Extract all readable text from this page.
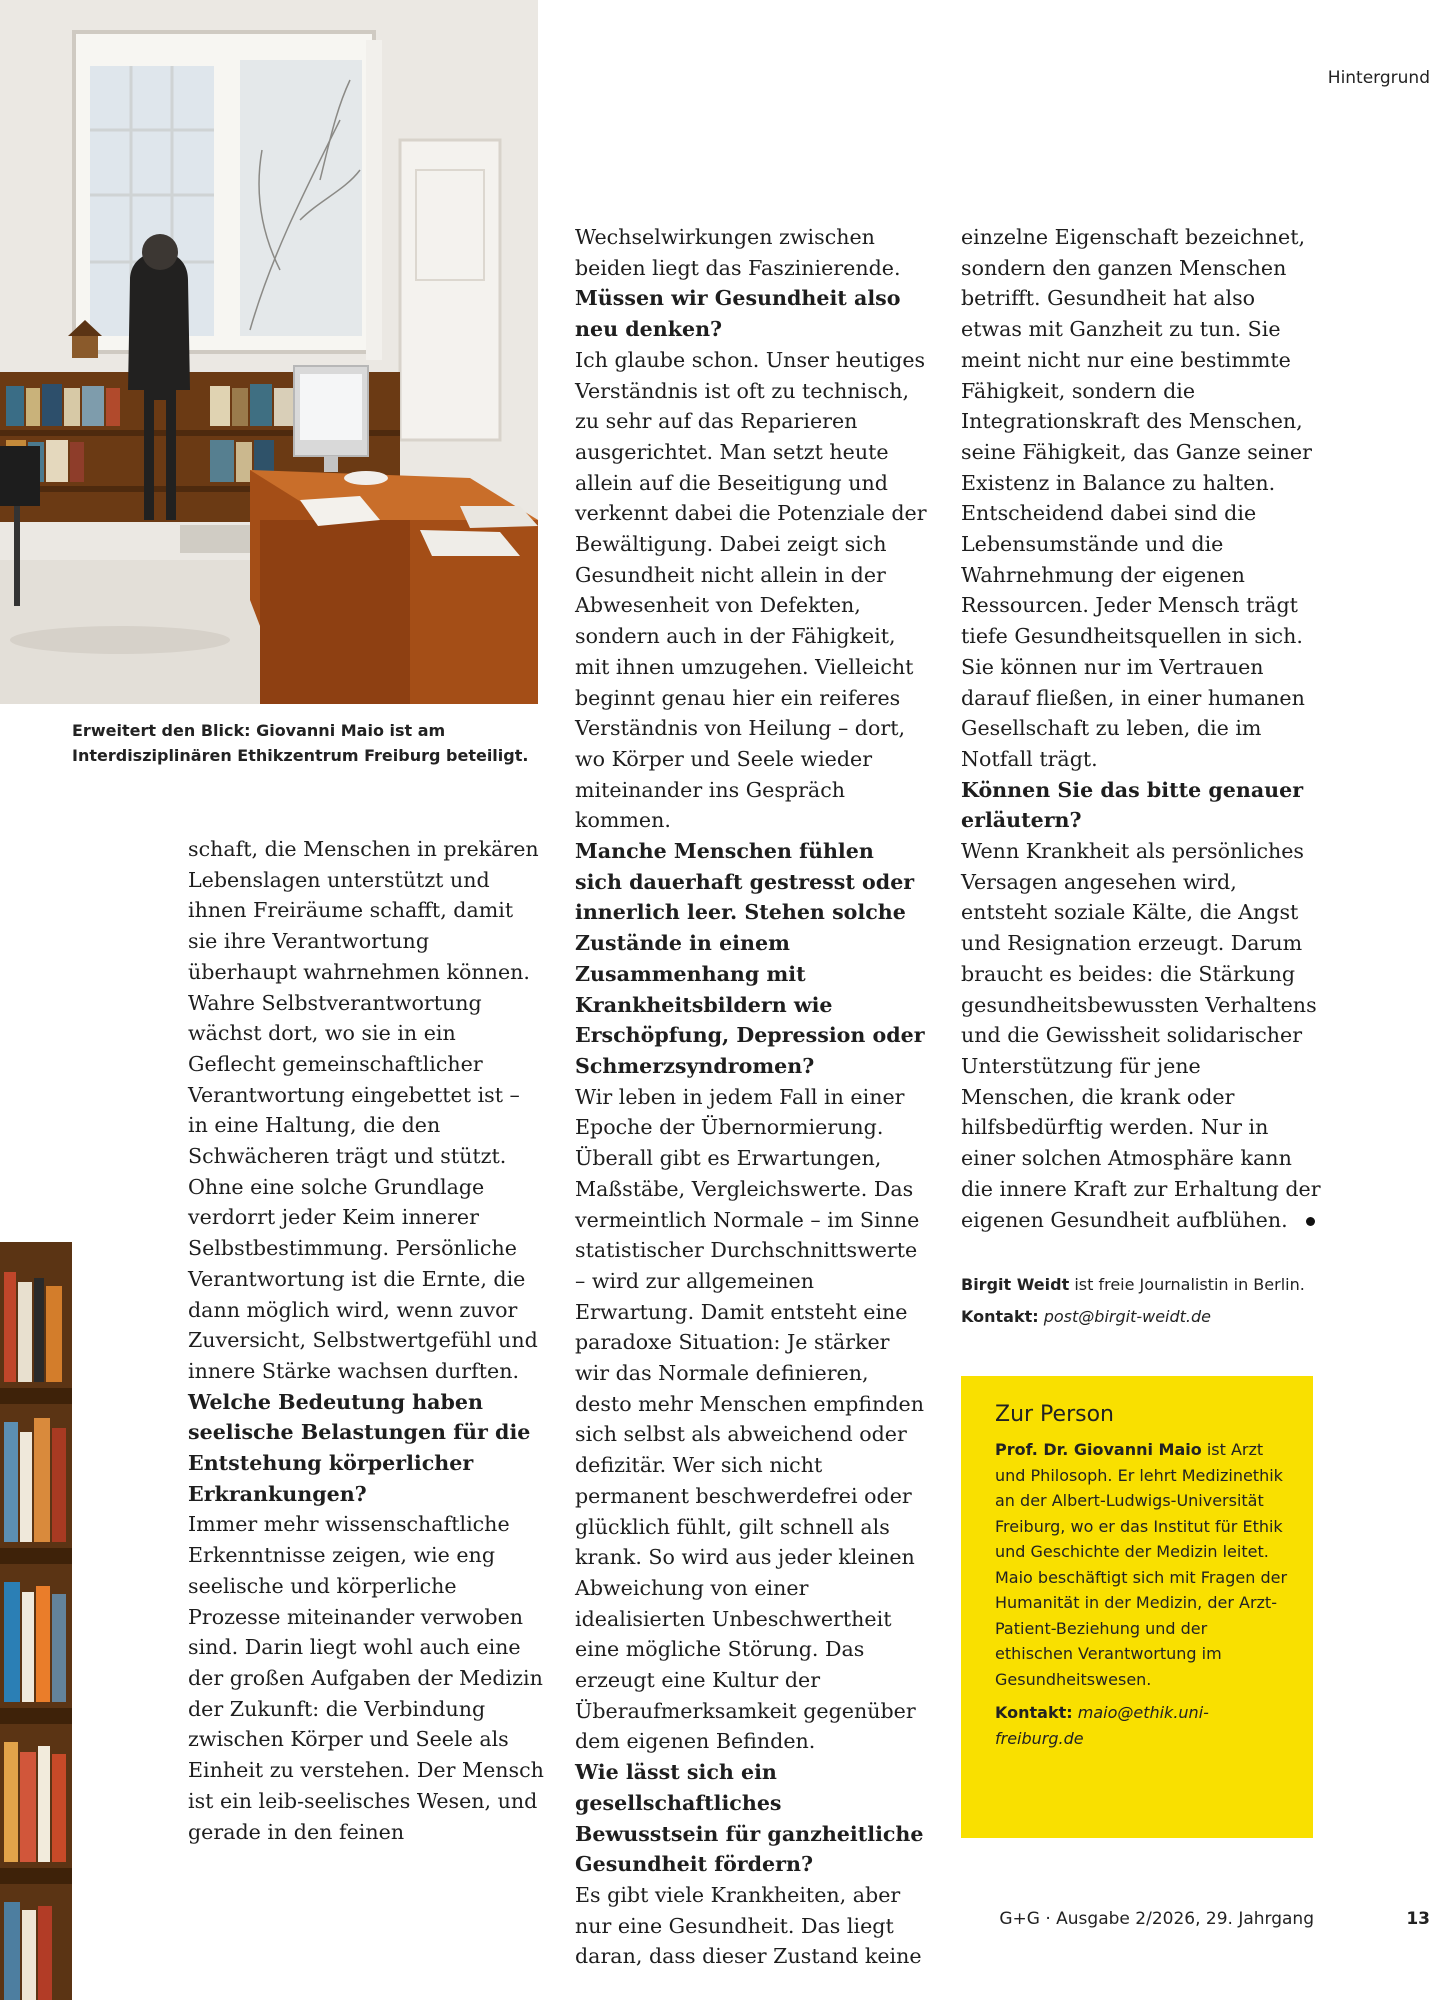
Hintergrund
Erweitert den Blick: Giovanni Maio ist am Interdisziplinären Ethikzentrum Freiburg beteiligt.

schaft, die Menschen in prekären Lebenslagen unterstützt und ihnen Freiräume schafft, damit sie ihre Verantwortung überhaupt wahrnehmen können. Wahre Selbstverantwortung wächst dort, wo sie in ein Geflecht gemeinschaftlicher Verantwortung eingebettet ist – in eine Haltung, die den Schwächeren trägt und stützt. Ohne eine solche Grundlage verdorrt jeder Keim innerer Selbstbestimmung. Persönliche Verantwortung ist die Ernte, die dann möglich wird, wenn zuvor Zuversicht, Selbstwertgefühl und innere Stärke wachsen durften.

Welche Bedeutung haben seelische Belastungen für die Entstehung körperlicher Erkrankungen?

Immer mehr wissenschaftliche Erkenntnisse zeigen, wie eng seelische und körperliche Prozesse miteinander verwoben sind. Darin liegt wohl auch eine der großen Aufgaben der Medizin der Zukunft: die Verbindung zwischen Körper und Seele als Einheit zu verstehen. Der Mensch ist ein leib-seelisches Wesen, und gerade in den feinen

Wechselwirkungen zwischen beiden liegt das Faszinierende.

Müssen wir Gesundheit also neu denken?

Ich glaube schon. Unser heutiges Verständnis ist oft zu technisch, zu sehr auf das Reparieren ausgerichtet. Man setzt heute allein auf die Beseitigung und verkennt dabei die Potenziale der Bewältigung. Dabei zeigt sich Gesundheit nicht allein in der Abwesenheit von Defekten, sondern auch in der Fähigkeit, mit ihnen umzugehen. Vielleicht beginnt genau hier ein reiferes Verständnis von Heilung – dort, wo Körper und Seele wieder miteinander ins Gespräch kommen.

Manche Menschen fühlen sich dauerhaft gestresst oder innerlich leer. Stehen solche Zustände in einem Zusammenhang mit Krankheitsbildern wie Erschöpfung, Depression oder Schmerzsyndromen?

Wir leben in jedem Fall in einer Epoche der Übernormierung. Überall gibt es Erwartungen, Maßstäbe, Vergleichswerte. Das vermeintlich Normale – im Sinne statistischer Durchschnittswerte – wird zur allgemeinen Erwartung. Damit entsteht eine paradoxe Situation: Je stärker wir das Normale definieren, desto mehr Menschen empfinden sich selbst als abweichend oder defizitär. Wer sich nicht permanent beschwerdefrei oder glücklich fühlt, gilt schnell als krank. So wird aus jeder kleinen Abweichung von einer idealisierten Unbeschwertheit eine mögliche Störung. Das erzeugt eine Kultur der Überaufmerksamkeit gegenüber dem eigenen Befinden.

Wie lässt sich ein gesellschaftliches Bewusstsein für ganzheitliche Gesundheit fördern?

Es gibt viele Krankheiten, aber nur eine Gesundheit. Das liegt daran, dass dieser Zustand keine

einzelne Eigenschaft bezeichnet, sondern den ganzen Menschen betrifft. Gesundheit hat also etwas mit Ganzheit zu tun. Sie meint nicht nur eine bestimmte Fähigkeit, sondern die Integrationskraft des Menschen, seine Fähigkeit, das Ganze seiner Existenz in Balance zu halten. Entscheidend dabei sind die Lebensumstände und die Wahrnehmung der eigenen Ressourcen. Jeder Mensch trägt tiefe Gesundheitsquellen in sich. Sie können nur im Vertrauen darauf fließen, in einer humanen Gesellschaft zu leben, die im Notfall trägt.

Können Sie das bitte genauer erläutern?

Wenn Krankheit als persönliches Versagen angesehen wird, entsteht soziale Kälte, die Angst und Resignation erzeugt. Darum braucht es beides: die Stärkung gesundheitsbewussten Verhaltens und die Gewissheit solidarischer Unterstützung für jene Menschen, die krank oder hilfsbedürftig werden. Nur in einer solchen Atmosphäre kann die innere Kraft zur Erhaltung der eigenen Gesundheit aufblühen.

Birgit Weidt ist freie Journalistin in Berlin.

Kontakt: post@birgit-weidt.de

Zur Person

Prof. Dr. Giovanni Maio ist Arzt und Philosoph. Er lehrt Medizinethik an der Albert-Ludwigs-Universität Freiburg, wo er das Institut für Ethik und Geschichte der Medizin leitet. Maio beschäftigt sich mit Fragen der Humanität in der Medizin, der Arzt-Patient-Beziehung und der ethischen Verantwortung im Gesundheitswesen.

Kontakt: maio@ethik.uni-freiburg.de

G+G · Ausgabe 2/2026, 29. Jahrgang	13
